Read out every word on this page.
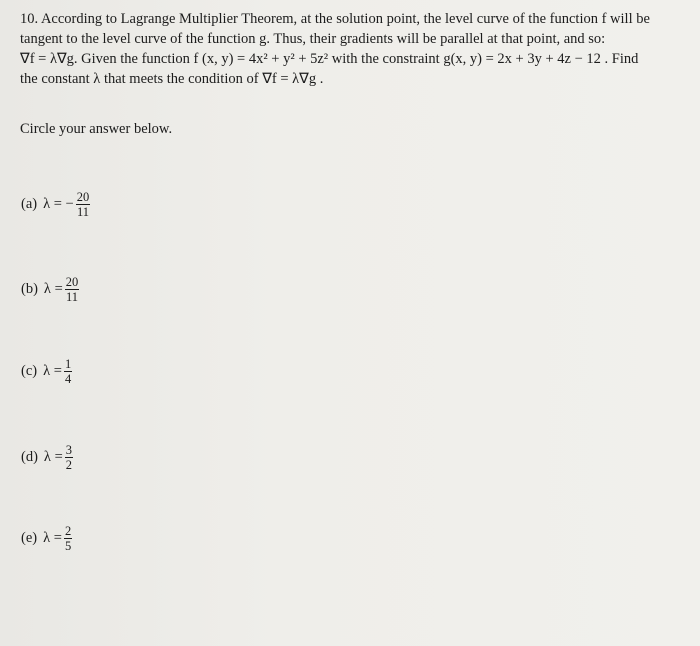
10. According to Lagrange Multiplier Theorem, at the solution point, the level curve of the function f will be

tangent to the level curve of the function g. Thus, their gradients will be parallel at that point, and so:

∇f = λ∇g. Given the function f (x, y) = 4x² + y² + 5z² with the constraint g(x, y) = 2x + 3y + 4z − 12 . Find

the constant λ that meets the condition of ∇f = λ∇g .

Circle your answer below.
(a) λ = − $\frac{20}{11}$
(b) $\lambda = \frac{20}{11}$
(c) $\lambda = \frac{1}{4}$
(d) $\lambda = \frac{3}{2}$
(e) $\lambda = \frac{2}{5}$
